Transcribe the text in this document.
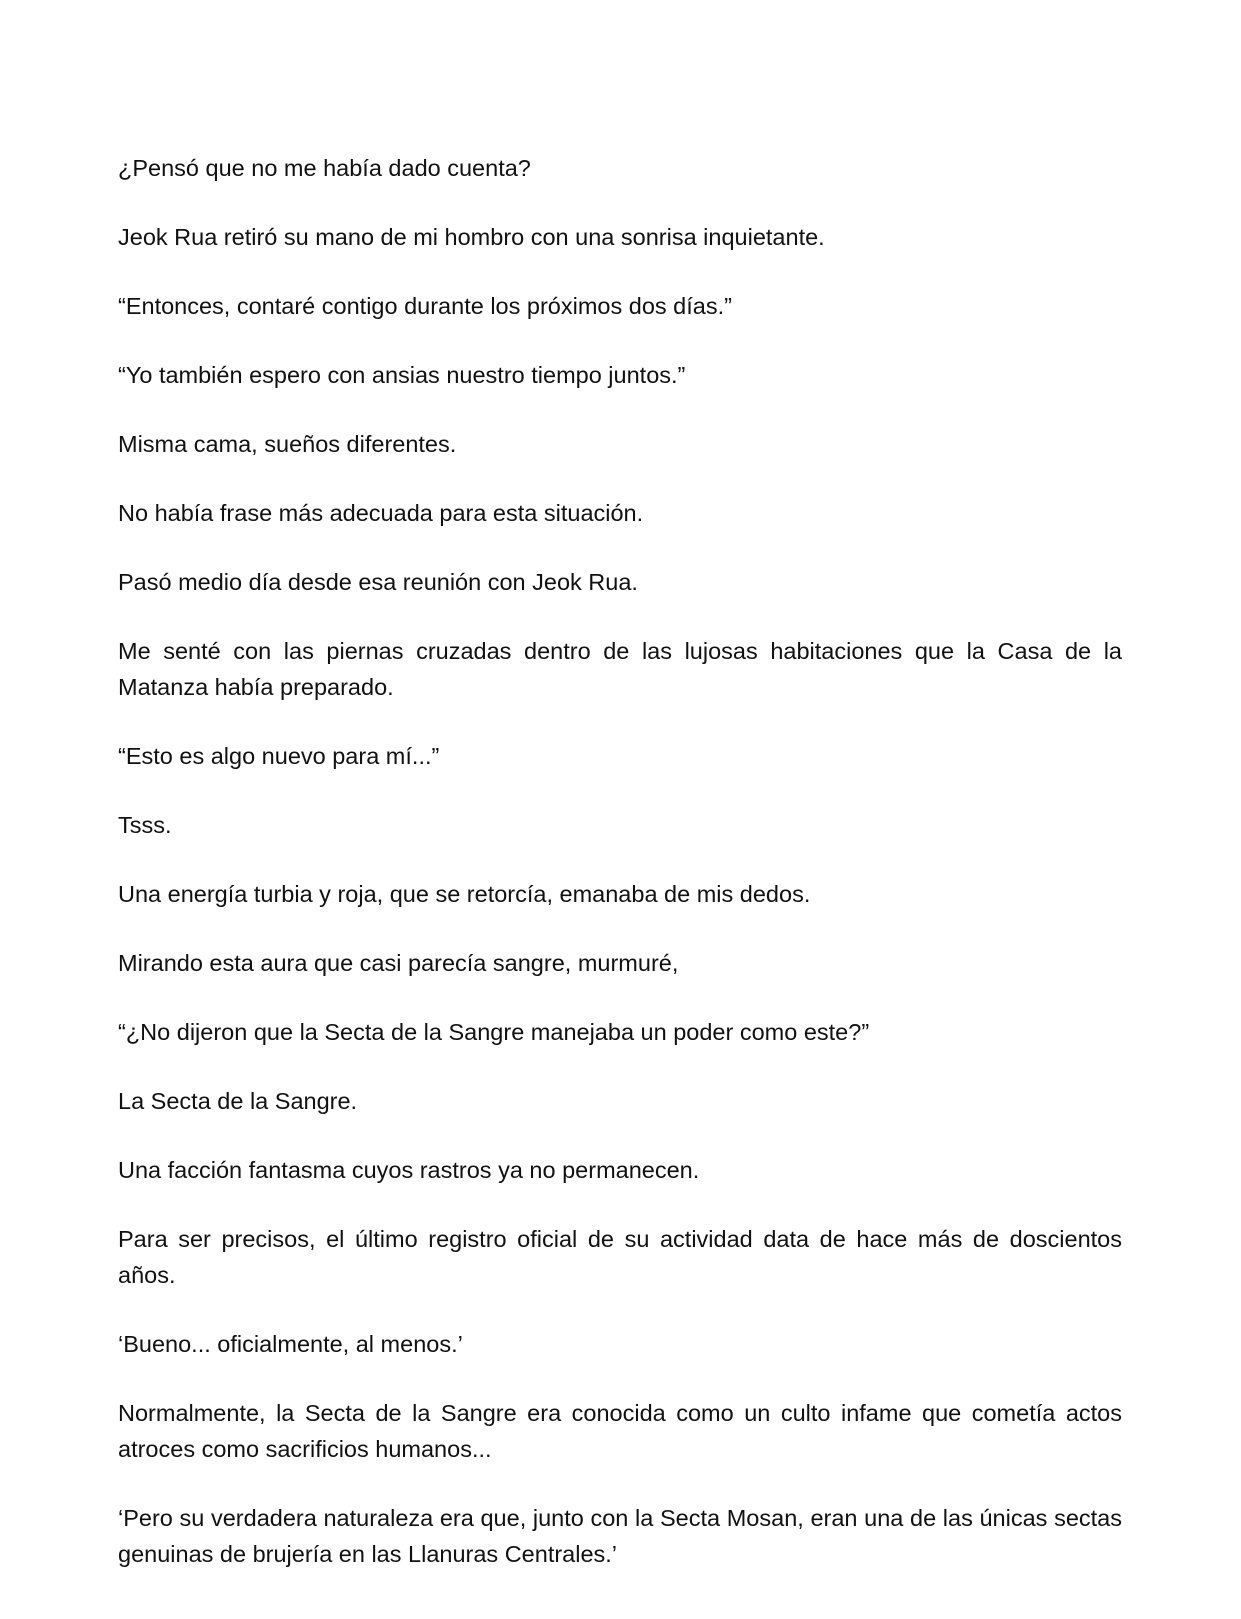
¿Pensó que no me había dado cuenta?

Jeok Rua retiró su mano de mi hombro con una sonrisa inquietante.

“Entonces, contaré contigo durante los próximos dos días.”

“Yo también espero con ansias nuestro tiempo juntos.”

Misma cama, sueños diferentes.

No había frase más adecuada para esta situación.

Pasó medio día desde esa reunión con Jeok Rua.

Me senté con las piernas cruzadas dentro de las lujosas habitaciones que la Casa de la Matanza había preparado.

“Esto es algo nuevo para mí...”

Tsss.

Una energía turbia y roja, que se retorcía, emanaba de mis dedos.

Mirando esta aura que casi parecía sangre, murmuré,

“¿No dijeron que la Secta de la Sangre manejaba un poder como este?”

La Secta de la Sangre.

Una facción fantasma cuyos rastros ya no permanecen.

Para ser precisos, el último registro oficial de su actividad data de hace más de doscientos años.

‘Bueno... oficialmente, al menos.’

Normalmente, la Secta de la Sangre era conocida como un culto infame que cometía actos atroces como sacrificios humanos...

‘Pero su verdadera naturaleza era que, junto con la Secta Mosan, eran una de las únicas sectas genuinas de brujería en las Llanuras Centrales.’
